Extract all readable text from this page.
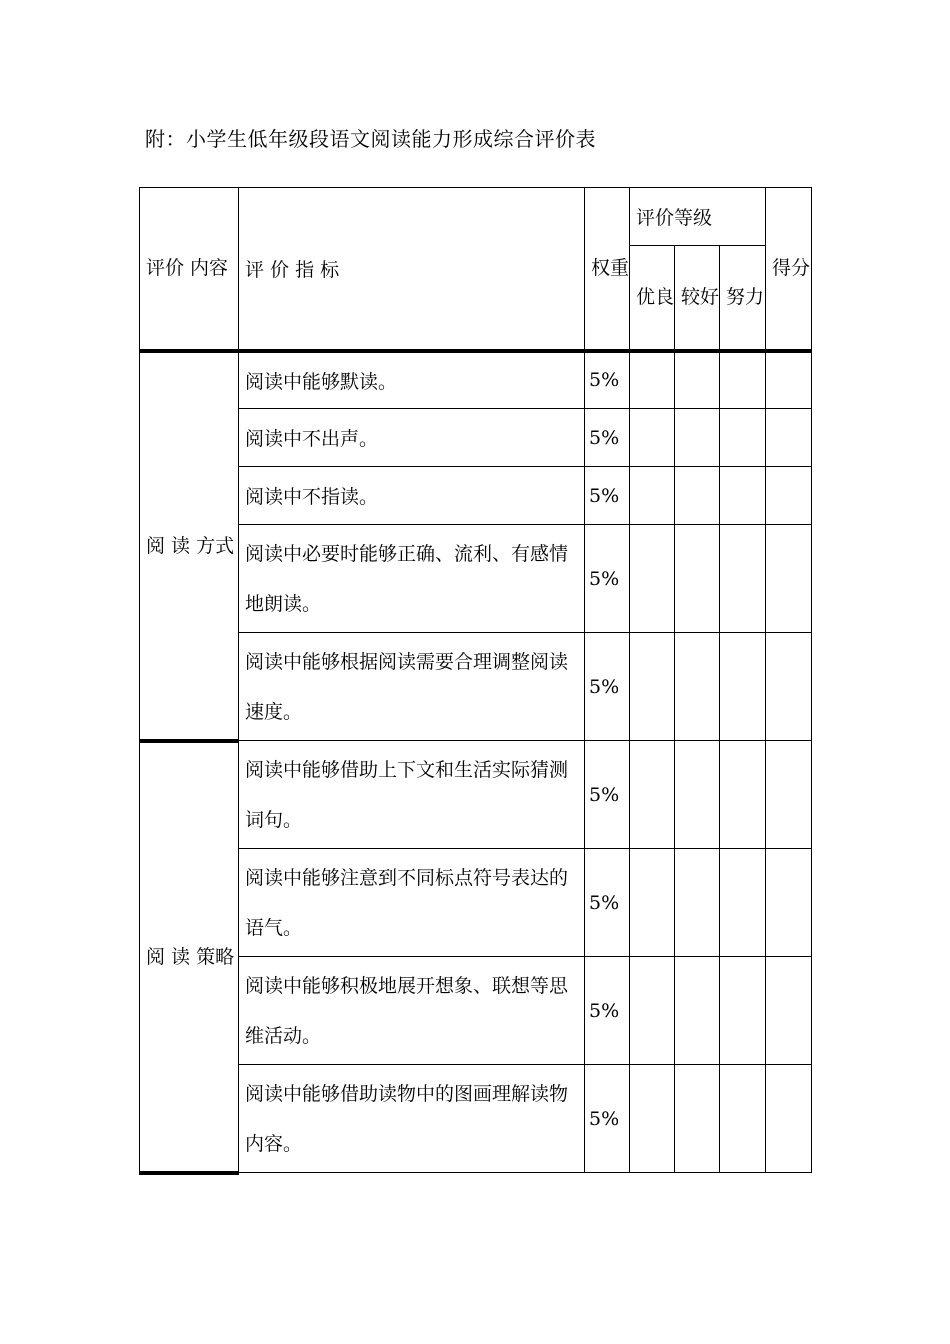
附：小学生低年级段语文阅读能力形成综合评价表
评价 内容	评 价 指 标	权重	评价等级			得分
			优良	较好	努力	
阅 读 方式	阅读中能够默读。	5%				
	阅读中不出声。	5%				
	阅读中不指读。	5%				
	阅读中必要时能够正确、流利、有感情地朗读。	5%				
	阅读中能够根据阅读需要合理调整阅读速度。	5%				
阅 读 策略	阅读中能够借助上下文和生活实际猜测词句。	5%				
	阅读中能够注意到不同标点符号表达的语气。	5%				
	阅读中能够积极地展开想象、联想等思维活动。	5%				
	阅读中能够借助读物中的图画理解读物内容。	5%				
